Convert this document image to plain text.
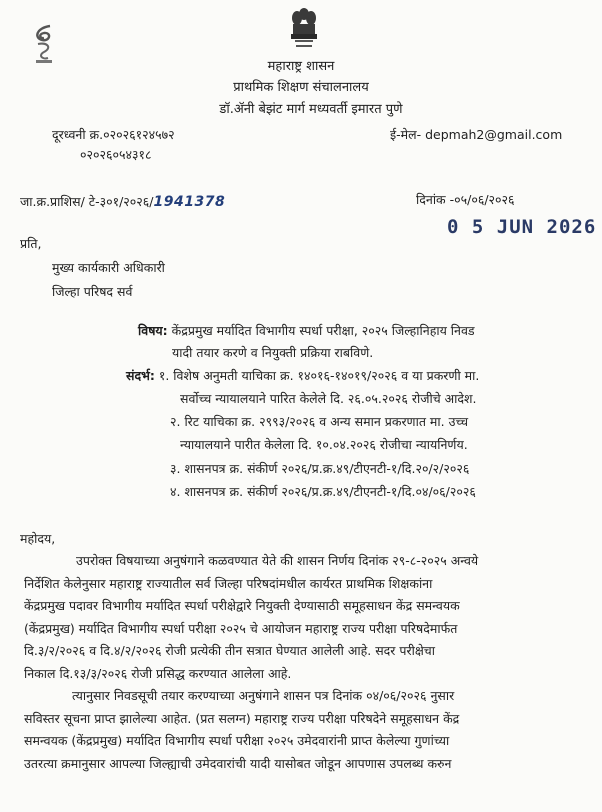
महाराष्ट्र शासन
प्राथमिक शिक्षण संचालनालय
डॉ.ॲनी बेझंट मार्ग मध्यवर्ती इमारत पुणे
दूरध्वनी क्र.०२०२६१२४५७२
०२०२६०५४३१८
ई-मेल- depmah2@gmail.com
जा.क्र.प्राशिस/ टे-३०१/२०२६/1941378	दिनांक -०५/०६/२०२६
0 5 JUN 2026
प्रति,
मुख्य कार्यकारी अधिकारी
जिल्हा परिषद सर्व
विषय: केंद्रप्रमुख मर्यादित विभागीय स्पर्धा परीक्षा, २०२५ जिल्हानिहाय निवड
यादी तयार करणे व नियुक्ती प्रक्रिया राबविणे.
संदर्भ: १. विशेष अनुमती याचिका क्र. १४०१६-१४०१९/२०२६ व या प्रकरणी मा.
सर्वोच्च न्यायालयाने पारित केलेले दि. २६.०५.२०२६ रोजीचे आदेश.
२. रिट याचिका क्र. २९९३/२०२६ व अन्य समान प्रकरणात मा. उच्च
न्यायालयाने पारीत केलेला दि. १०.०४.२०२६ रोजीचा न्यायनिर्णय.
३. शासनपत्र क्र. संकीर्ण २०२६/प्र.क्र.४९/टीएनटी-१/दि.२०/२/२०२६
४. शासनपत्र क्र. संकीर्ण २०२६/प्र.क्र.४९/टीएनटी-१/दि.०४/०६/२०२६
महोदय,
उपरोक्त विषयाच्या अनुषंगाने कळवण्यात येते की शासन निर्णय दिनांक २९-८-२०२५ अन्वये
निर्देशित केलेनुसार महाराष्ट्र राज्यातील सर्व जिल्हा परिषदांमधील कार्यरत प्राथमिक शिक्षकांना
केंद्रप्रमुख पदावर विभागीय मर्यादित स्पर्धा परीक्षेद्वारे नियुक्ती देण्यासाठी समूहसाधन केंद्र समन्वयक
(केंद्रप्रमुख) मर्यादित विभागीय स्पर्धा परीक्षा २०२५ चे आयोजन महाराष्ट्र राज्य परीक्षा परिषदेमार्फत
दि.३/२/२०२६ व दि.४/२/२०२६ रोजी प्रत्येकी तीन सत्रात घेण्यात आलेली आहे. सदर परीक्षेचा
निकाल दि.१३/३/२०२६ रोजी प्रसिद्ध करण्यात आलेला आहे.
त्यानुसार निवडसूची तयार करण्याच्या अनुषंगाने शासन पत्र दिनांक ०४/०६/२०२६ नुसार
सविस्तर सूचना प्राप्त झालेल्या आहेत. (प्रत सलग्न) महाराष्ट्र राज्य परीक्षा परिषदेने समूहसाधन केंद्र
समन्वयक (केंद्रप्रमुख) मर्यादित विभागीय स्पर्धा परीक्षा २०२५ उमेदवारांनी प्राप्त केलेल्या गुणांच्या
उतरत्या क्रमानुसार आपल्या जिल्ह्याची उमेदवारांची यादी यासोबत जोडून आपणास उपलब्ध करुन
